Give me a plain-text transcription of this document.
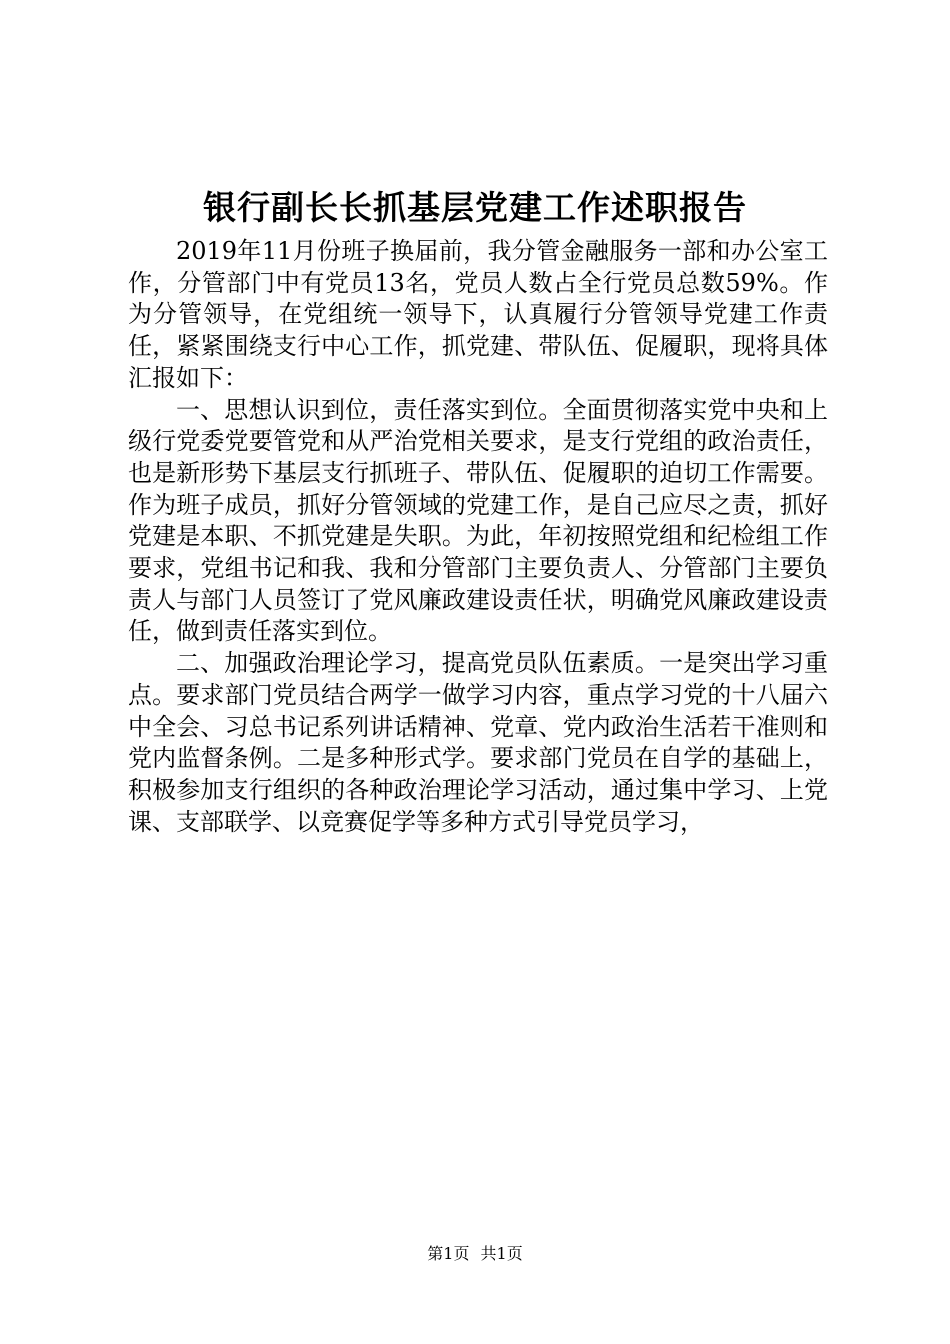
银行副长长抓基层党建工作述职报告

2019年11月份班子换届前，我分管金融服务一部和办公室工作，分管部门中有党员13名，党员人数占全行党员总数59%。作为分管领导，在党组统一领导下，认真履行分管领导党建工作责任，紧紧围绕支行中心工作，抓党建、带队伍、促履职，现将具体汇报如下：

一、思想认识到位，责任落实到位。全面贯彻落实党中央和上级行党委党要管党和从严治党相关要求，是支行党组的政治责任，也是新形势下基层支行抓班子、带队伍、促履职的迫切工作需要。作为班子成员，抓好分管领域的党建工作，是自己应尽之责，抓好党建是本职、不抓党建是失职。为此，年初按照党组和纪检组工作要求，党组书记和我、我和分管部门主要负责人、分管部门主要负责人与部门人员签订了党风廉政建设责任状，明确党风廉政建设责任，做到责任落实到位。

二、加强政治理论学习，提高党员队伍素质。一是突出学习重点。要求部门党员结合两学一做学习内容，重点学习党的十八届六中全会、习总书记系列讲话精神、党章、党内政治生活若干准则和党内监督条例。二是多种形式学。要求部门党员在自学的基础上，积极参加支行组织的各种政治理论学习活动，通过集中学习、上党课、支部联学、以竞赛促学等多种方式引导党员学习，

第1页 共1页
